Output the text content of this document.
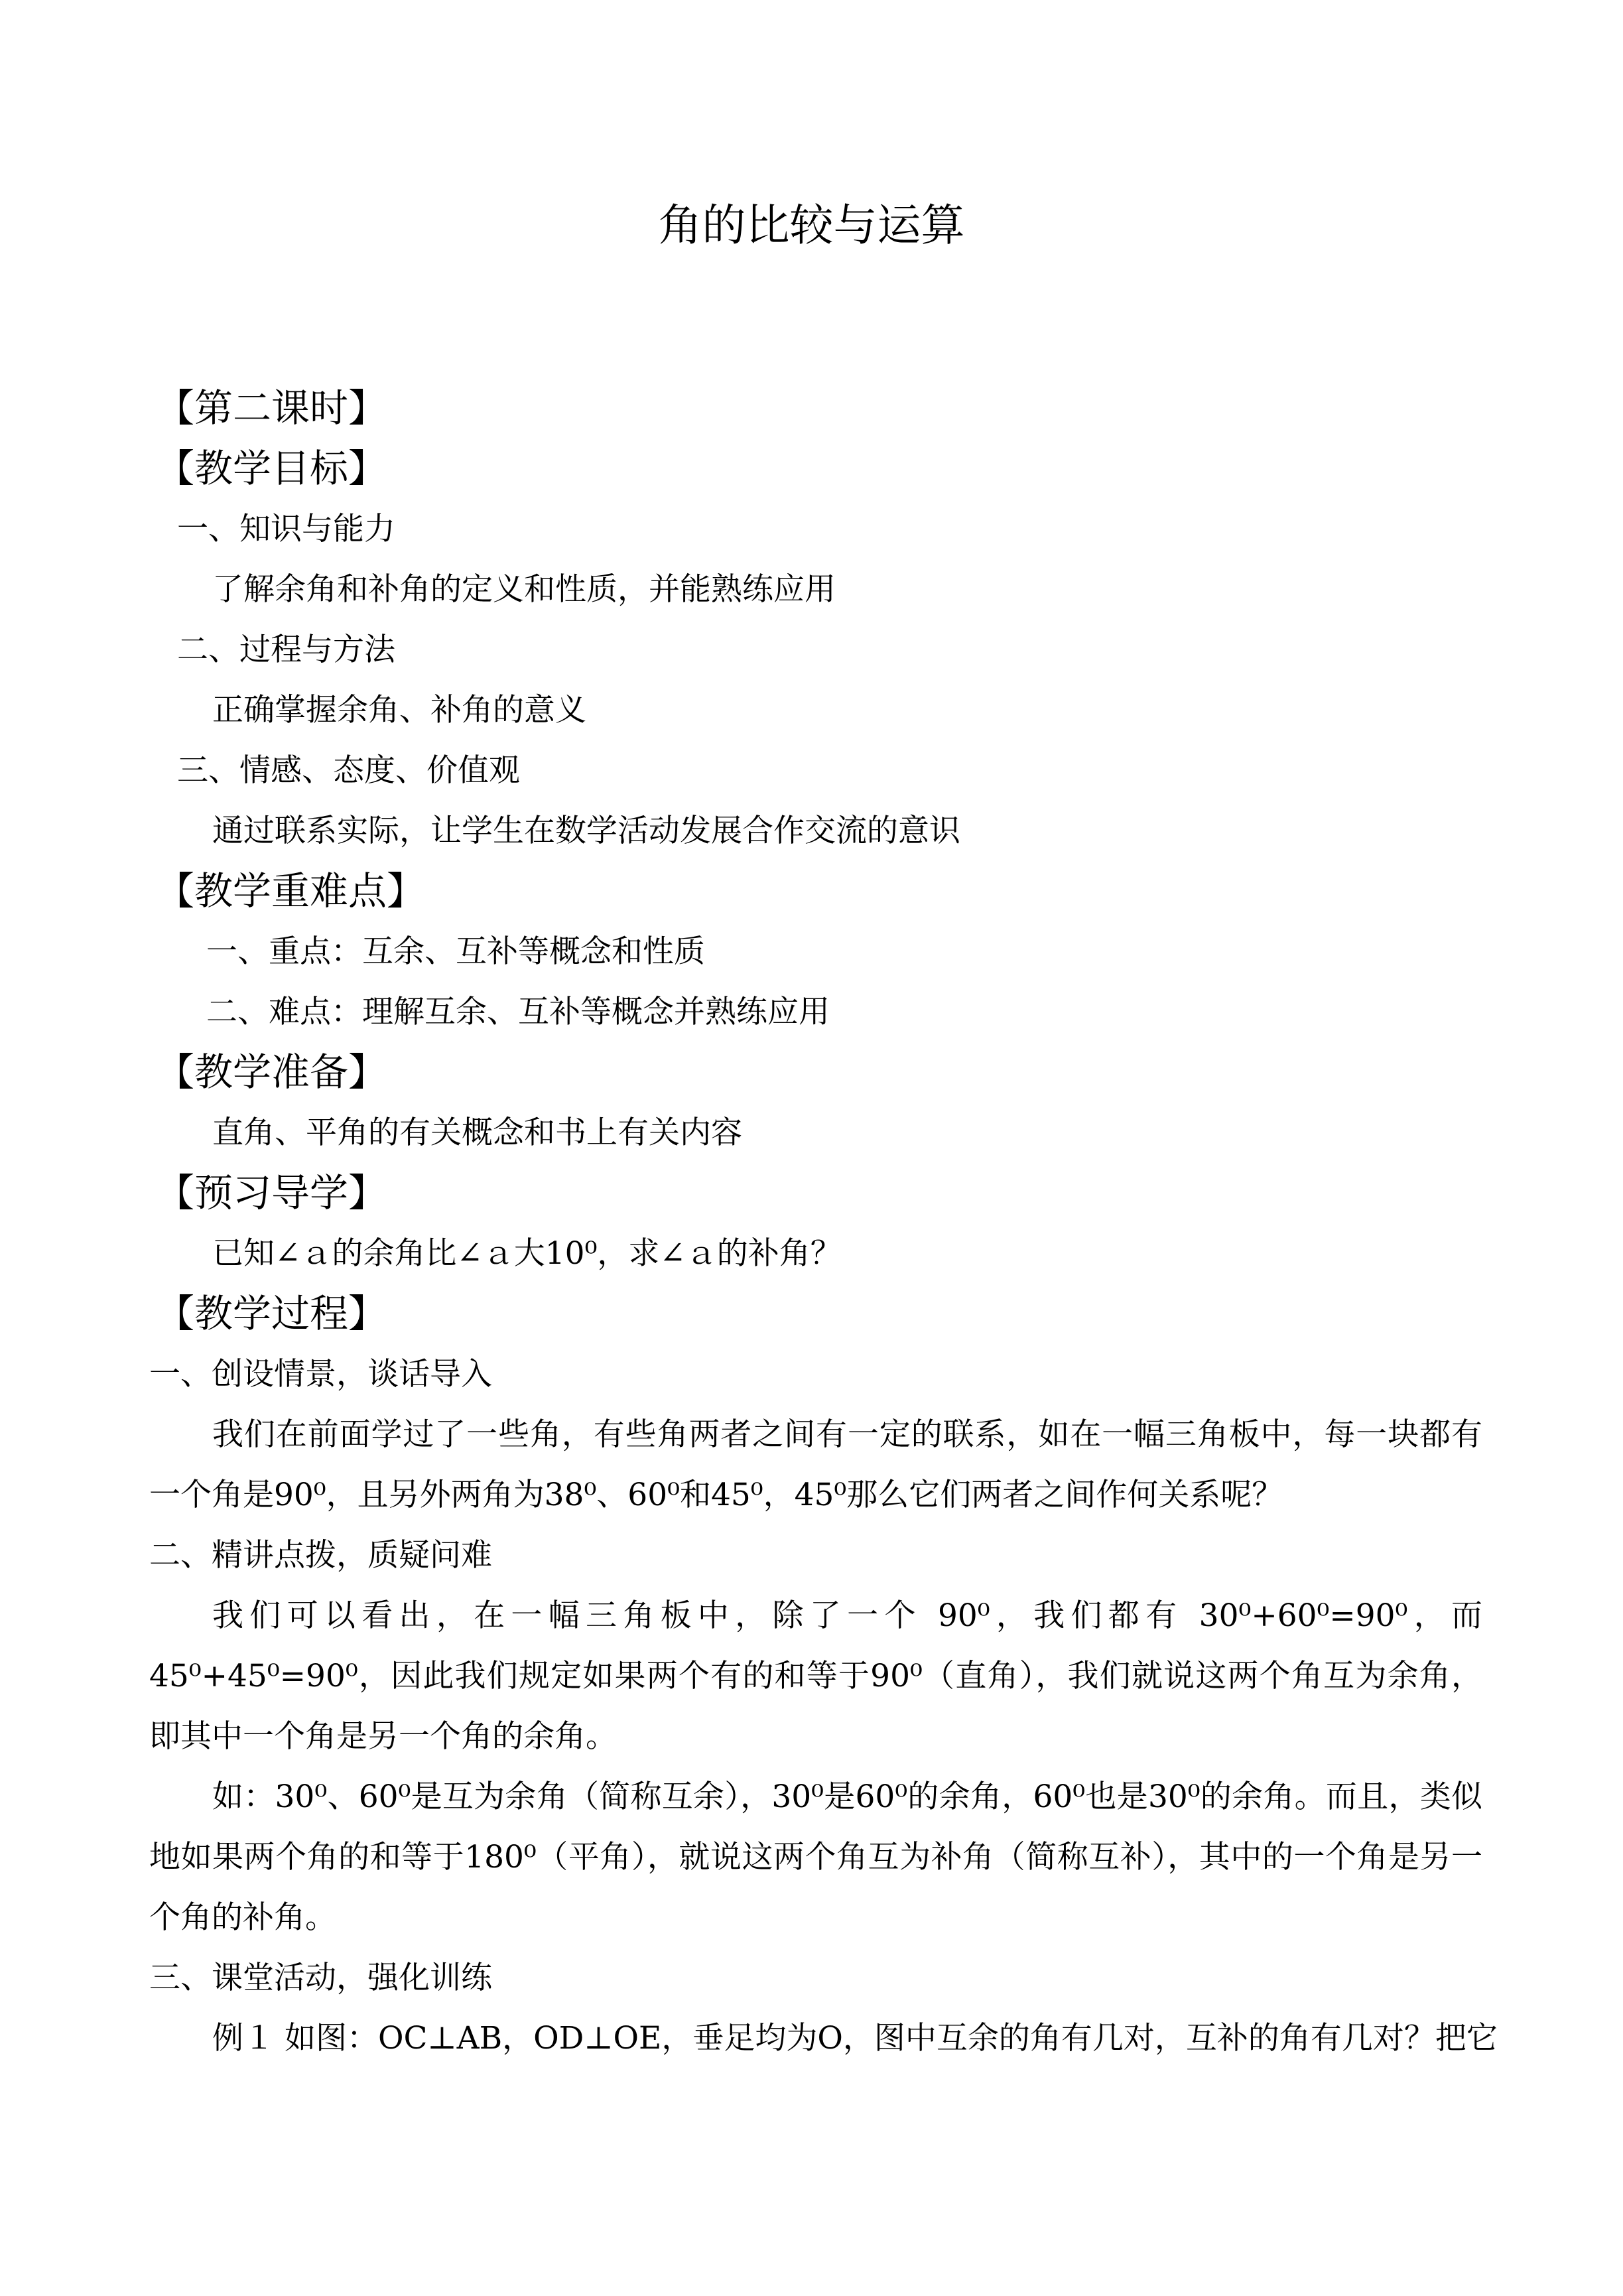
角的比较与运算

【第二课时】

【教学目标】

一、知识与能力

了解余角和补角的定义和性质，并能熟练应用

二、过程与方法

正确掌握余角、补角的意义

三、情感、态度、价值观

通过联系实际，让学生在数学活动发展合作交流的意识

【教学重难点】

一、重点：互余、互补等概念和性质

二、难点：理解互余、互补等概念并熟练应用

【教学准备】

直角、平角的有关概念和书上有关内容

【预习导学】

已知∠ａ的余角比∠ａ大10⁰，求∠ａ的补角？

【教学过程】

一、创设情景，谈话导入

我们在前面学过了一些角，有些角两者之间有一定的联系，如在一幅三角板中，每一块都有一个角是90⁰，且另外两角为38⁰、60⁰和45⁰，45⁰那么它们两者之间作何关系呢？

二、精讲点拨，质疑问难

我们可以看出，在一幅三角板中，除了一个 90⁰，我们都有 30⁰+60⁰=90⁰，而 45⁰+45⁰=90⁰，因此我们规定如果两个有的和等于90⁰（直角），我们就说这两个角互为余角，即其中一个角是另一个角的余角。

如：30⁰、60⁰是互为余角（简称互余），30⁰是60⁰的余角，60⁰也是30⁰的余角。而且，类似地如果两个角的和等于180⁰（平角），就说这两个角互为补角（简称互补），其中的一个角是另一个角的补角。

三、课堂活动，强化训练

例１ 如图：OC⊥AB，OD⊥OE，垂足均为O，图中互余的角有几对，互补的角有几对？把它
